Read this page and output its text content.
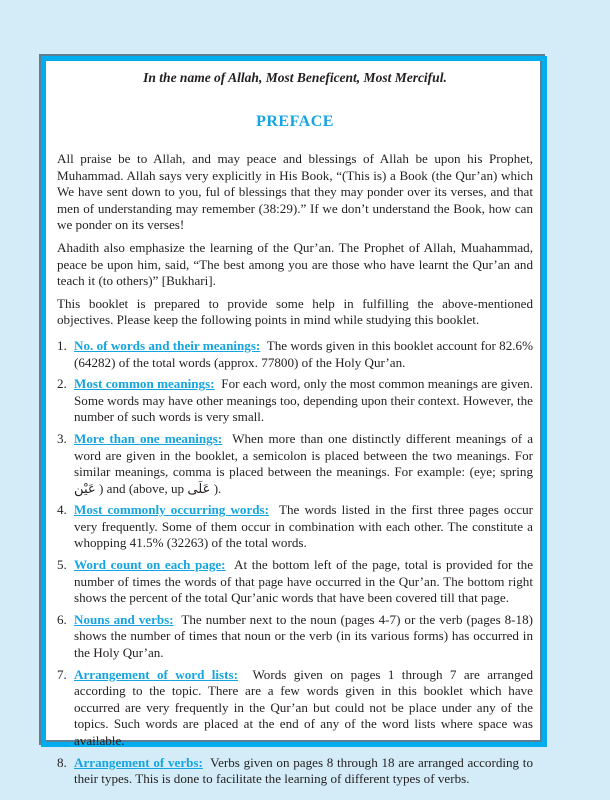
In the name of Allah, Most Beneficent, Most Merciful.
PREFACE

All praise be to Allah, and may peace and blessings of Allah be upon his Prophet, Muhammad. Allah says very explicitly in His Book, “(This is) a Book (the Qur’an) which We have sent down to you, ful of blessings that they may ponder over its verses, and that men of understanding may remember (38:29).” If we don’t understand the Book, how can we ponder on its verses!

Ahadith also emphasize the learning of the Qur’an. The Prophet of Allah, Muahammad, peace be upon him, said, “The best among you are those who have learnt the Qur’an and teach it (to others)” [Bukhari].

This booklet is prepared to provide some help in fulfilling the above-mentioned objectives. Please keep the following points in mind while studying this booklet.

1. No. of words and their meanings: The words given in this booklet account for 82.6% (64282) of the total words (approx. 77800) of the Holy Qur’an.
2. Most common meanings: For each word, only the most common meanings are given. Some words may have other meanings too, depending upon their context. However, the number of such words is very small.
3. More than one meanings: When more than one distinctly different meanings of a word are given in the booklet, a semicolon is placed between the two meanings. For similar meanings, comma is placed between the meanings. For example: (eye; spring عَيْن ) and (above, up عَلَى ).
4. Most commonly occurring words: The words listed in the first three pages occur very frequently. Some of them occur in combination with each other. The constitute a whopping 41.5% (32263) of the total words.
5. Word count on each page: At the bottom left of the page, total is provided for the number of times the words of that page have occurred in the Qur’an. The bottom right shows the percent of the total Qur’anic words that have been covered till that page.
6. Nouns and verbs: The number next to the noun (pages 4-7) or the verb (pages 8-18) shows the number of times that noun or the verb (in its various forms) has occurred in the Holy Qur’an.
7. Arrangement of word lists: Words given on pages 1 through 7 are arranged according to the topic. There are a few words given in this booklet which have occurred are very frequently in the Qur’an but could not be place under any of the topics. Such words are placed at the end of any of the word lists where space was available.
8. Arrangement of verbs: Verbs given on pages 8 through 18 are arranged according to their types. This is done to facilitate the learning of different types of verbs.
